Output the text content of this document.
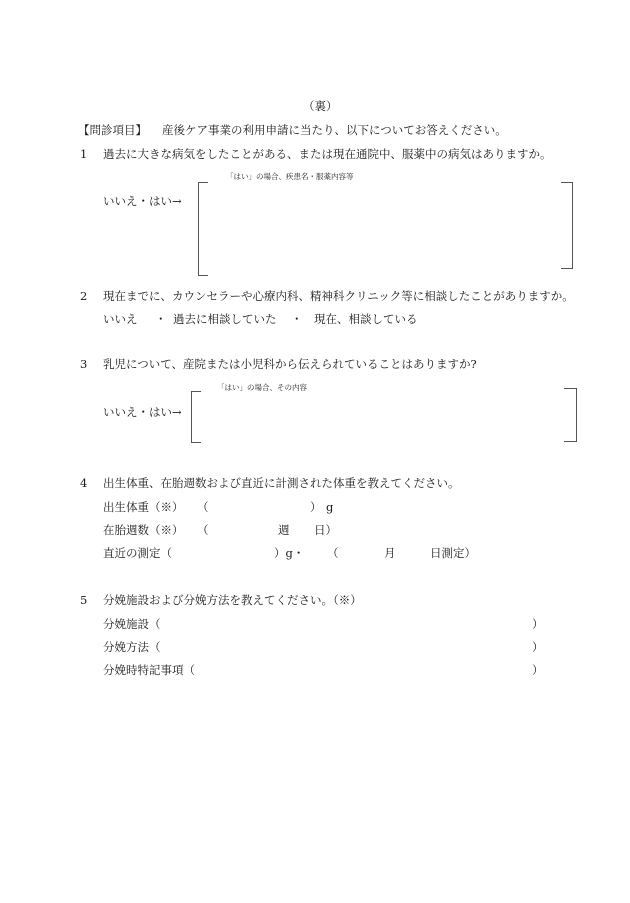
（裏）
【問診項目】 産後ケア事業の利用申請に当たり、以下についてお答えください。
1 過去に大きな病気をしたことがある、または現在通院中、服薬中の病気はありますか。
「はい」の場合、疾患名・服薬内容等
いいえ・はい→
2 現在までに、カウンセラーや心療内科、精神科クリニック等に相談したことがありますか。
いいえ ・ 過去に相談していた ・ 現在、相談している
3 乳児について、産院または小児科から伝えられていることはありますか?
「はい」の場合、その内容
いいえ・はい→
4 出生体重、在胎週数および直近に計測された体重を教えてください。
出生体重（※） （	） g
在胎週数（※） （	週 日）
直近の測定（	）g・ （	月	日測定）
5 分娩施設および分娩方法を教えてください。（※）
分娩施設（	）
分娩方法（	）
分娩時特記事項（	）
